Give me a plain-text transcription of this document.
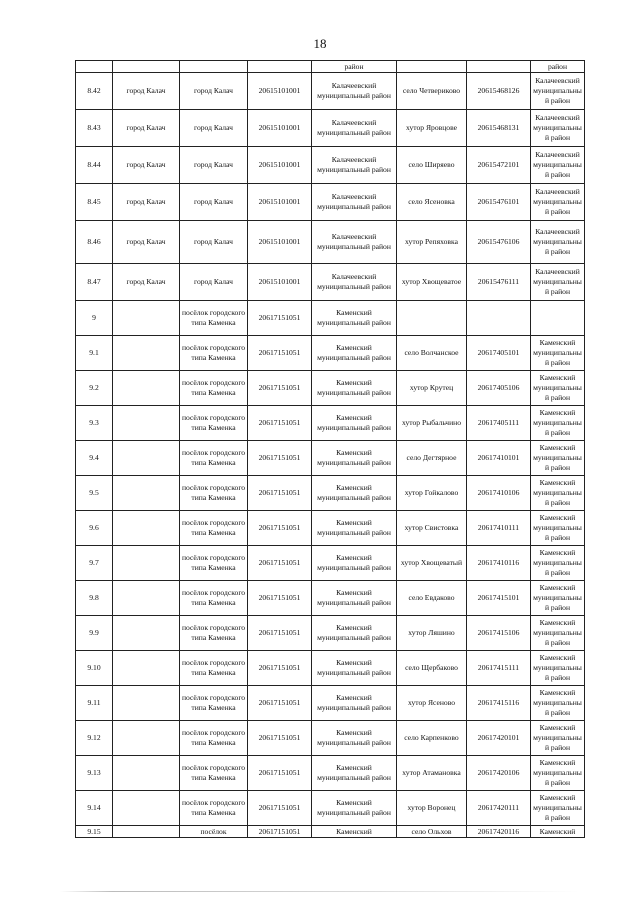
18
				район			район
8.42	город Калач	город Калач	20615101001	Калачеевский муниципальный район	село Четвериково	20615468126	Калачеевский муниципальный район
8.43	город Калач	город Калач	20615101001	Калачеевский муниципальный район	хутор Яровцове	20615468131	Калачеевский муниципальный район
8.44	город Калач	город Калач	20615101001	Калачеевский муниципальный район	село Ширяево	20615472101	Калачеевский муниципальный район
8.45	город Калач	город Калач	20615101001	Калачеевский муниципальный район	село Ясеновка	20615476101	Калачеевский муниципальный район
8.46	город Калач	город Калач	20615101001	Калачеевский муниципальный район	хутор Репяховка	20615476106	Калачеевский муниципальный район
8.47	город Калач	город Калач	20615101001	Калачеевский муниципальный район	хутор Хвощеватое	20615476111	Калачеевский муниципальный район
9		посёлок городского типа Каменка	20617151051	Каменский муниципальный район			
9.1		посёлок городского типа Каменка	20617151051	Каменский муниципальный район	село Волчанское	20617405101	Каменский муниципальный район
9.2		посёлок городского типа Каменка	20617151051	Каменский муниципальный район	хутор Крутец	20617405106	Каменский муниципальный район
9.3		посёлок городского типа Каменка	20617151051	Каменский муниципальный район	хутор Рыбальчино	20617405111	Каменский муниципальный район
9.4		посёлок городского типа Каменка	20617151051	Каменский муниципальный район	село Дегтярное	20617410101	Каменский муниципальный район
9.5		посёлок городского типа Каменка	20617151051	Каменский муниципальный район	хутор Гойкалово	20617410106	Каменский муниципальный район
9.6		посёлок городского типа Каменка	20617151051	Каменский муниципальный район	хутор Свистовка	20617410111	Каменский муниципальный район
9.7		посёлок городского типа Каменка	20617151051	Каменский муниципальный район	хутор Хвощеватый	20617410116	Каменский муниципальный район
9.8		посёлок городского типа Каменка	20617151051	Каменский муниципальный район	село Евдаково	20617415101	Каменский муниципальный район
9.9		посёлок городского типа Каменка	20617151051	Каменский муниципальный район	хутор Ляшино	20617415106	Каменский муниципальный район
9.10		посёлок городского типа Каменка	20617151051	Каменский муниципальный район	село Щербаково	20617415111	Каменский муниципальный район
9.11		посёлок городского типа Каменка	20617151051	Каменский муниципальный район	хутор Ясеново	20617415116	Каменский муниципальный район
9.12		посёлок городского типа Каменка	20617151051	Каменский муниципальный район	село Карпенково	20617420101	Каменский муниципальный район
9.13		посёлок городского типа Каменка	20617151051	Каменский муниципальный район	хутор Атамановка	20617420106	Каменский муниципальный район
9.14		посёлок городского типа Каменка	20617151051	Каменский муниципальный район	хутор Воронец	20617420111	Каменский муниципальный район
9.15		посёлок	20617151051	Каменский	село Ольхов	20617420116	Каменский
